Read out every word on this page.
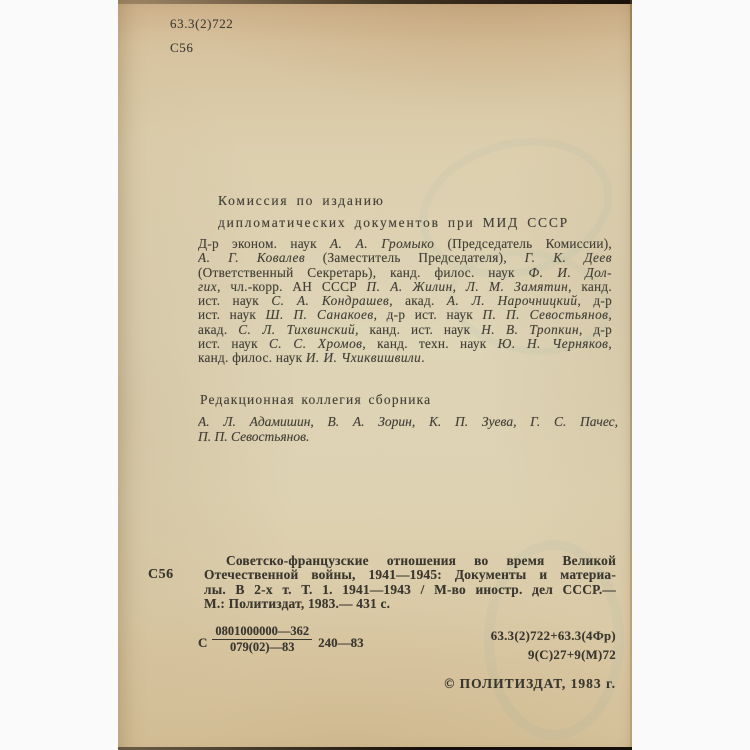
63.3(2)722
С56
Комиссия по изданию
дипломатических документов при МИД СССР
Д-р эконом. наук А. А. Громыко (Председатель Комиссии),
А. Г. Ковалев (Заместитель Председателя), Г. К. Деев
(Ответственный Секретарь), канд. филос. наук Ф. И. Дол-
гих, чл.-корр. АН СССР П. А. Жилин, Л. М. Замятин, канд.
ист. наук С. А. Кондрашев, акад. А. Л. Нарочницкий, д-р
ист. наук Ш. П. Санакоев, д-р ист. наук П. П. Севостьянов,
акад. С. Л. Тихвинский, канд. ист. наук Н. В. Тропкин, д-р
ист. наук С. С. Хромов, канд. техн. наук Ю. Н. Черняков,
канд. филос. наук И. И. Чхиквишвили.
Редакционная коллегия сборника
А. Л. Адамишин, В. А. Зорин, К. П. Зуева, Г. С. Пачес,
П. П. Севостьянов.
С56
Советско-французские отношения во время Великой
Отечественной войны, 1941—1945: Документы и материа-
лы. В 2-х т. Т. 1. 1941—1943 / М-во иностр. дел СССР.—
М.: Политиздат, 1983.— 431 с.
С $\frac{0801000000—362}{079(02)—83}$ 240—83	63.3(2)722+63.3(4Фр)
9(С)27+9(М)72
© ПОЛИТИЗДАТ, 1983 г.
